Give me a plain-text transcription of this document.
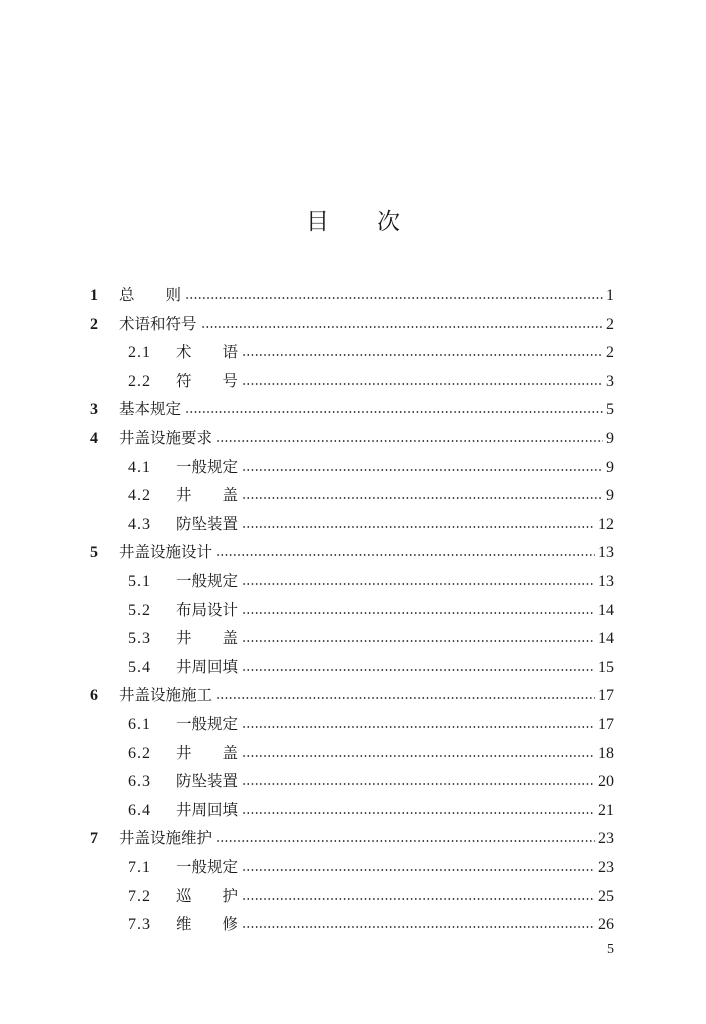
目 次
1 总　　则	1
2 术语和符号	2
2.1 术　　语	2
2.2 符　　号	3
3 基本规定	5
4 井盖设施要求	9
4.1 一般规定	9
4.2 井　　盖	9
4.3 防坠装置	12
5 井盖设施设计	13
5.1 一般规定	13
5.2 布局设计	14
5.3 井　　盖	14
5.4 井周回填	15
6 井盖设施施工	17
6.1 一般规定	17
6.2 井　　盖	18
6.3 防坠装置	20
6.4 井周回填	21
7 井盖设施维护	23
7.1 一般规定	23
7.2 巡　　护	25
7.3 维　　修	26
5
